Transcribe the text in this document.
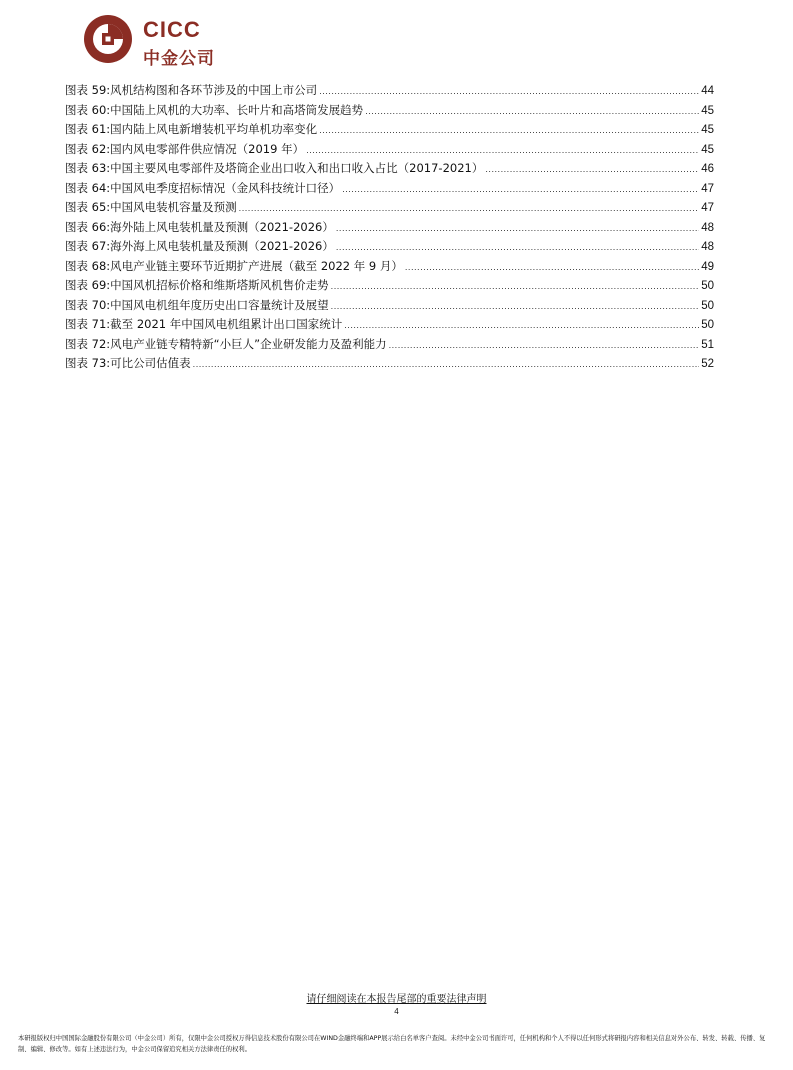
CICC
中金公司
图表 59: 风机结构图和各环节涉及的中国上市公司 .....	44
图表 60: 中国陆上风机的大功率、长叶片和高塔筒发展趋势 .....	45
图表 61: 国内陆上风电新增装机平均单机功率变化 .....	45
图表 62: 国内风电零部件供应情况（2019 年） .....	45
图表 63: 中国主要风电零部件及塔筒企业出口收入和出口收入占比（2017-2021） .....	46
图表 64: 中国风电季度招标情况（金风科技统计口径） .....	47
图表 65: 中国风电装机容量及预测 .....	47
图表 66: 海外陆上风电装机量及预测（2021-2026） .....	48
图表 67: 海外海上风电装机量及预测（2021-2026） .....	48
图表 68: 风电产业链主要环节近期扩产进展（截至 2022 年 9 月） .....	49
图表 69: 中国风机招标价格和维斯塔斯风机售价走势 .....	50
图表 70: 中国风电机组年度历史出口容量统计及展望 .....	50
图表 71: 截至 2021 年中国风电机组累计出口国家统计 .....	50
图表 72: 风电产业链专精特新“小巨人”企业研发能力及盈利能力 .....	51
图表 73: 可比公司估值表 .....	52
请仔细阅读在本报告尾部的重要法律声明
4
本研报版权归中国国际金融股份有限公司（中金公司）所有，仅限中金公司授权万得信息技术股份有限公司在WIND金融终端和APP展示给白名单客户查阅。未经中金公司书面许可，任何机构和个人不得以任何形式将研报内容和相关信息对外公布、转发、转载、传播、复制、编辑、修改等。如有上述违法行为，中金公司保留追究相关方法律责任的权利。
